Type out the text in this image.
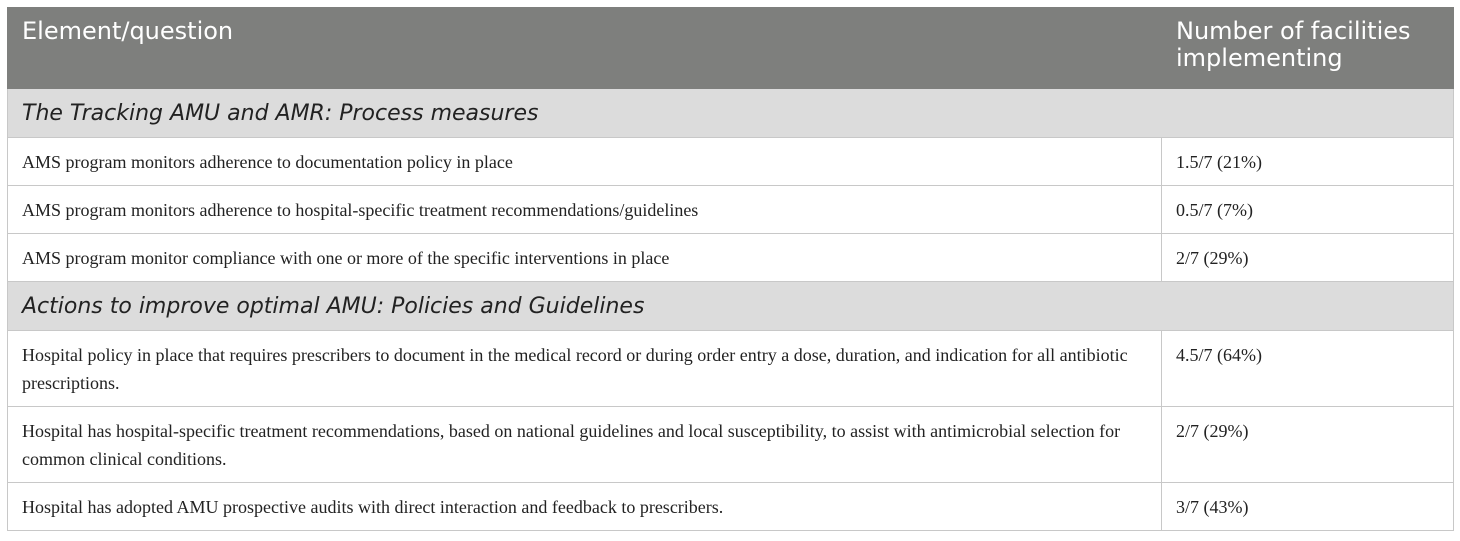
Element/question	Number of facilities implementing
The Tracking AMU and AMR: Process measures	
AMS program monitors adherence to documentation policy in place	1.5/7 (21%)
AMS program monitors adherence to hospital-specific treatment recommendations/guidelines	0.5/7 (7%)
AMS program monitor compliance with one or more of the specific interventions in place	2/7 (29%)
Actions to improve optimal AMU: Policies and Guidelines	
Hospital policy in place that requires prescribers to document in the medical record or during order entry a dose, duration, and indication for all antibiotic prescriptions.	4.5/7 (64%)
Hospital has hospital-specific treatment recommendations, based on national guidelines and local susceptibility, to assist with antimicrobial selection for common clinical conditions.	2/7 (29%)
Hospital has adopted AMU prospective audits with direct interaction and feedback to prescribers.	3/7 (43%)
